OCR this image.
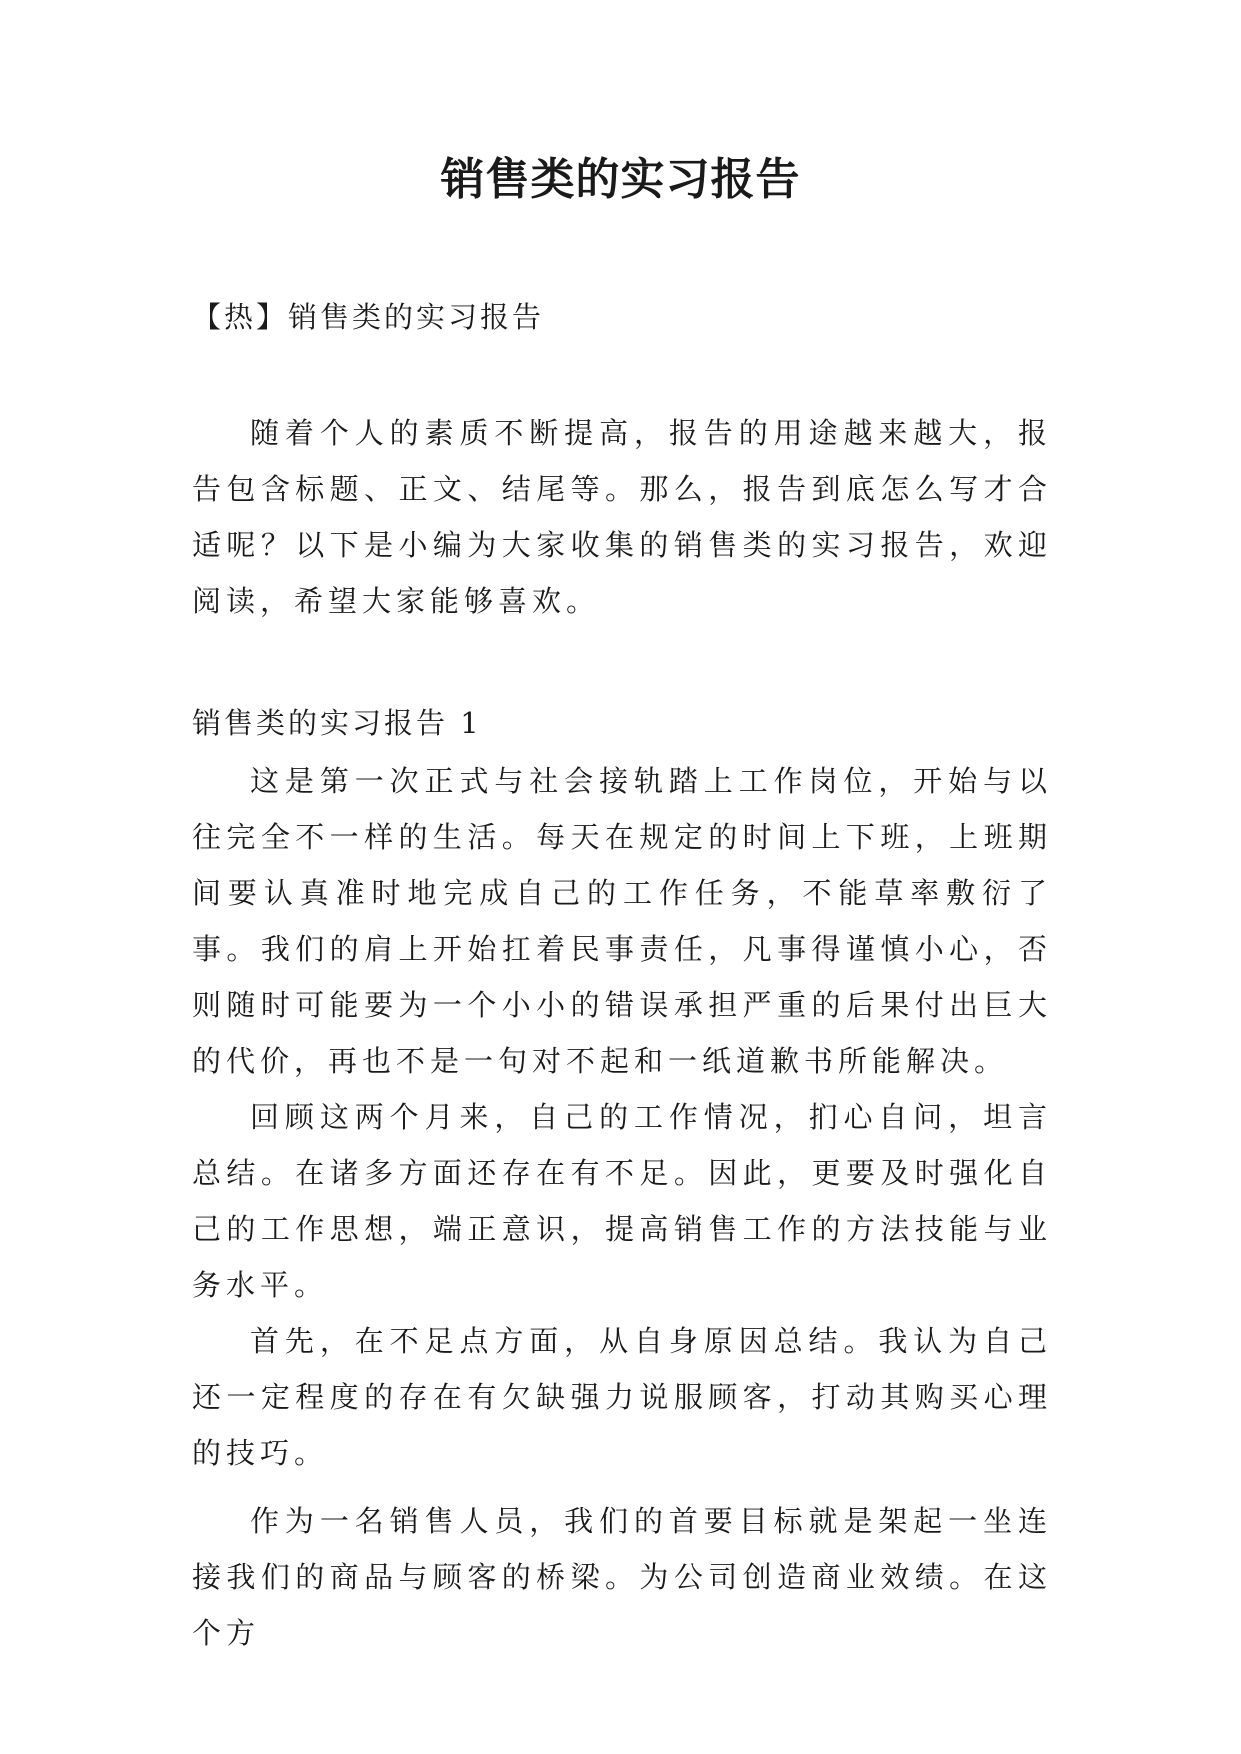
销售类的实习报告

【热】销售类的实习报告

随着个人的素质不断提高，报告的用途越来越大，报告包含标题、正文、结尾等。那么，报告到底怎么写才合适呢？以下是小编为大家收集的销售类的实习报告，欢迎阅读，希望大家能够喜欢。

销售类的实习报告 1

这是第一次正式与社会接轨踏上工作岗位，开始与以往完全不一样的生活。每天在规定的时间上下班，上班期间要认真准时地完成自己的工作任务，不能草率敷衍了事。我们的肩上开始扛着民事责任，凡事得谨慎小心，否则随时可能要为一个小小的错误承担严重的后果付出巨大的代价，再也不是一句对不起和一纸道歉书所能解决。

回顾这两个月来，自己的工作情况，扪心自问，坦言总结。在诸多方面还存在有不足。因此，更要及时强化自己的工作思想，端正意识，提高销售工作的方法技能与业务水平。

首先，在不足点方面，从自身原因总结。我认为自己还一定程度的存在有欠缺强力说服顾客，打动其购买心理的技巧。

作为一名销售人员，我们的首要目标就是架起一坐连接我们的商品与顾客的桥梁。为公司创造商业效绩。在这个方
